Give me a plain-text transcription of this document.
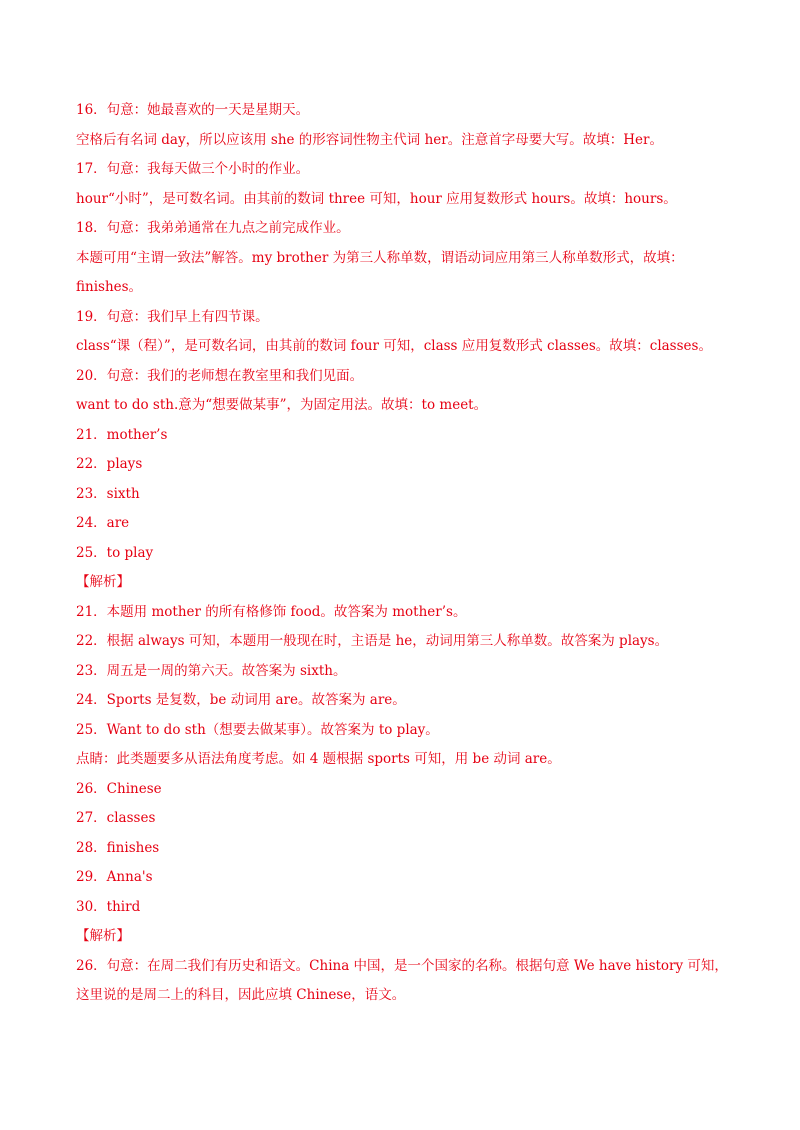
16．句意：她最喜欢的一天是星期天。
空格后有名词 day，所以应该用 she 的形容词性物主代词 her。注意首字母要大写。故填：Her。
17．句意：我每天做三个小时的作业。
hour“小时”，是可数名词。由其前的数词 three 可知，hour 应用复数形式 hours。故填：hours。
18．句意：我弟弟通常在九点之前完成作业。
本题可用“主谓一致法”解答。my brother 为第三人称单数，谓语动词应用第三人称单数形式，故填：
finishes。
19．句意：我们早上有四节课。
class“课（程）”，是可数名词，由其前的数词 four 可知，class 应用复数形式 classes。故填：classes。
20．句意：我们的老师想在教室里和我们见面。
want to do sth.意为“想要做某事”，为固定用法。故填：to meet。
21．mother’s
22．plays
23．sixth
24．are
25．to play
【解析】
21．本题用 mother 的所有格修饰 food。故答案为 mother’s。
22．根据 always 可知，本题用一般现在时，主语是 he，动词用第三人称单数。故答案为 plays。
23．周五是一周的第六天。故答案为 sixth。
24．Sports 是复数，be 动词用 are。故答案为 are。
25．Want to do sth（想要去做某事）。故答案为 to play。
点睛：此类题要多从语法角度考虑。如 4 题根据 sports 可知，用 be 动词 are。
26．Chinese
27．classes
28．finishes
29．Anna's
30．third
【解析】
26．句意：在周二我们有历史和语文。China 中国，是一个国家的名称。根据句意 We have history 可知，
这里说的是周二上的科目，因此应填 Chinese，语文。
